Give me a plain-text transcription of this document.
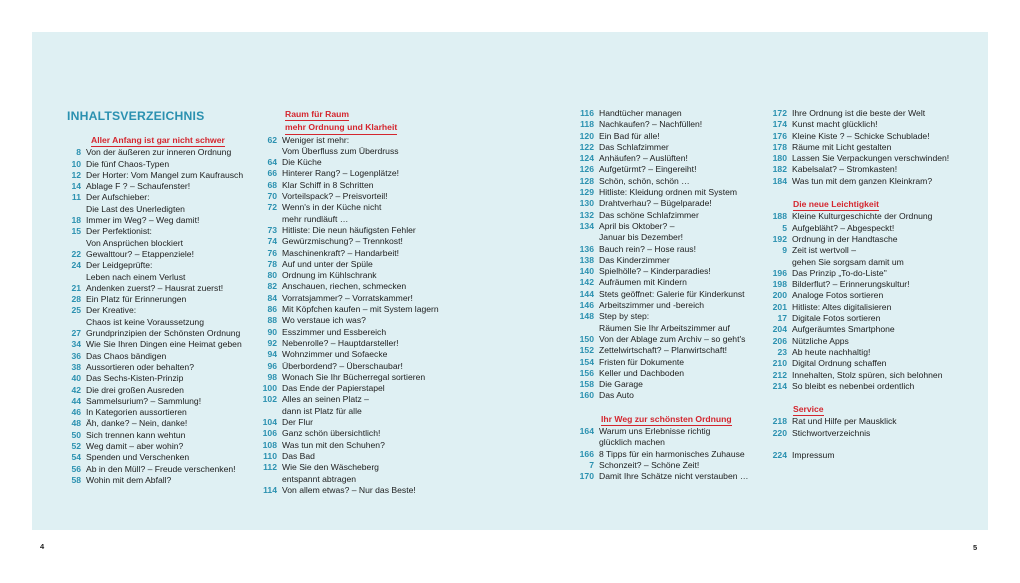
INHALTSVERZEICHNIS
Aller Anfang ist gar nicht schwer
8 Von der äußeren zur inneren Ordnung
10 Die fünf Chaos-Typen
12 Der Horter: Vom Mangel zum Kaufrausch
14 Ablage F ? – Schaufenster!
11 Der Aufschieber:
Die Last des Unerledigten
18 Immer im Weg? – Weg damit!
15 Der Perfektionist:
Von Ansprüchen blockiert
22 Gewalttour? – Etappenziele!
24 Der Leidgeprüfte:
Leben nach einem Verlust
21 Andenken zuerst? – Hausrat zuerst!
28 Ein Platz für Erinnerungen
25 Der Kreative:
Chaos ist keine Voraussetzung
27 Grundprinzipien der Schönsten Ordnung
34 Wie Sie Ihren Dingen eine Heimat geben
36 Das Chaos bändigen
38 Aussortieren oder behalten?
40 Das Sechs-Kisten-Prinzip
42 Die drei großen Ausreden
44 Sammelsurium? – Sammlung!
46 In Kategorien aussortieren
48 Äh, danke? – Nein, danke!
50 Sich trennen kann wehtun
52 Weg damit – aber wohin?
54 Spenden und Verschenken
56 Ab in den Müll? – Freude verschenken!
58 Wohin mit dem Abfall?
Raum für Raum
mehr Ordnung und Klarheit
62 Weniger ist mehr:
Vom Überfluss zum Überdruss
64 Die Küche
66 Hinterer Rang? – Logenplätze!
68 Klar Schiff in 8 Schritten
70 Vorteilspack? – Preisvorteil!
72 Wenn's in der Küche nicht
mehr rundläuft …
73 Hitliste: Die neun häufigsten Fehler
74 Gewürzmischung? – Trennkost!
76 Maschinenkraft? – Handarbeit!
78 Auf und unter der Spüle
80 Ordnung im Kühlschrank
82 Anschauen, riechen, schmecken
84 Vorratsjammer? – Vorratskammer!
86 Mit Köpfchen kaufen – mit System lagern
88 Wo verstaue ich was?
90 Esszimmer und Essbereich
92 Nebenrolle? – Hauptdarsteller!
94 Wohnzimmer und Sofaecke
96 Überbordend? – Überschaubar!
98 Wonach Sie Ihr Bücherregal sortieren
100 Das Ende der Papierstapel
102 Alles an seinen Platz –
dann ist Platz für alle
104 Der Flur
106 Ganz schön übersichtlich!
108 Was tun mit den Schuhen?
110 Das Bad
112 Wie Sie den Wäscheberg
entspannt abtragen
114 Von allem etwas? – Nur das Beste!
116 Handtücher managen
118 Nachkaufen? – Nachfüllen!
120 Ein Bad für alle!
122 Das Schlafzimmer
124 Anhäufen? – Auslüften!
126 Aufgetürmt? – Eingereiht!
128 Schön, schön, schön …
129 Hitliste: Kleidung ordnen mit System
130 Drahtverhau? – Bügelparade!
132 Das schöne Schlafzimmer
134 April bis Oktober? –
Januar bis Dezember!
136 Bauch rein? – Hose raus!
138 Das Kinderzimmer
140 Spielhölle? – Kinderparadies!
142 Aufräumen mit Kindern
144 Stets geöffnet: Galerie für Kinderkunst
146 Arbeitszimmer und -bereich
148 Step by step:
Räumen Sie Ihr Arbeitszimmer auf
150 Von der Ablage zum Archiv – so geht's
152 Zettelwirtschaft? – Planwirtschaft!
154 Fristen für Dokumente
156 Keller und Dachboden
158 Die Garage
160 Das Auto
Ihr Weg zur schönsten Ordnung
164 Warum uns Erlebnisse richtig
glücklich machen
166 8 Tipps für ein harmonisches Zuhause
7 Schonzeit? – Schöne Zeit!
170 Damit Ihre Schätze nicht verstauben …
172 Ihre Ordnung ist die beste der Welt
174 Kunst macht glücklich!
176 Kleine Kiste ? – Schicke Schublade!
178 Räume mit Licht gestalten
180 Lassen Sie Verpackungen verschwinden!
182 Kabelsalat? – Stromkasten!
184 Was tun mit dem ganzen Kleinkram?
Die neue Leichtigkeit
188 Kleine Kulturgeschichte der Ordnung
5 Aufgebläht? – Abgespeckt!
192 Ordnung in der Handtasche
9 Zeit ist wertvoll –
gehen Sie sorgsam damit um
196 Das Prinzip „To-do-Liste"
198 Bilderflut? – Erinnerungskultur!
200 Analoge Fotos sortieren
201 Hitliste: Altes digitalisieren
17 Digitale Fotos sortieren
204 Aufgeräumtes Smartphone
206 Nützliche Apps
23 Ab heute nachhaltig!
210 Digital Ordnung schaffen
212 Innehalten, Stolz spüren, sich belohnen
214 So bleibt es nebenbei ordentlich
Service
218 Rat und Hilfe per Mausklick
220 Stichwortverzeichnis
224 Impressum
4	5
